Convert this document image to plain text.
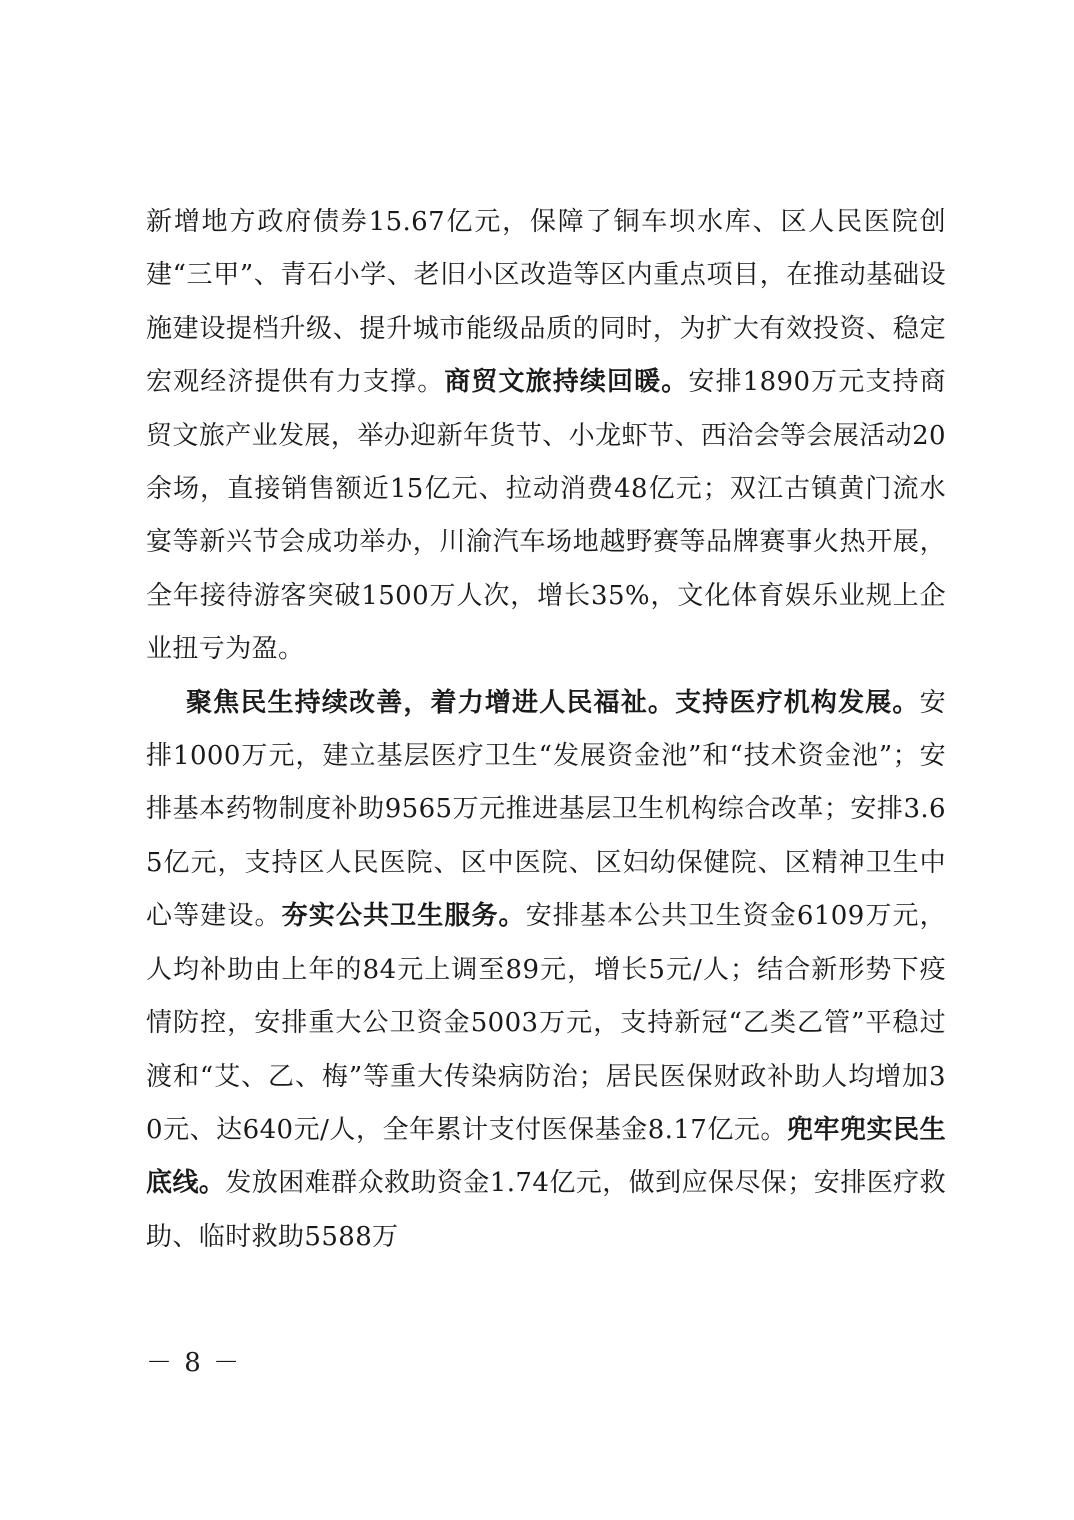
新增地方政府债券15.67亿元，保障了铜车坝水库、区人民医院创建“三甲”、青石小学、老旧小区改造等区内重点项目，在推动基础设施建设提档升级、提升城市能级品质的同时，为扩大有效投资、稳定宏观经济提供有力支撑。商贸文旅持续回暖。安排1890万元支持商贸文旅产业发展，举办迎新年货节、小龙虾节、西洽会等会展活动20余场，直接销售额近15亿元、拉动消费48亿元；双江古镇黄门流水宴等新兴节会成功举办，川渝汽车场地越野赛等品牌赛事火热开展，全年接待游客突破1500万人次，增长35%，文化体育娱乐业规上企业扭亏为盈。

聚焦民生持续改善，着力增进人民福祉。支持医疗机构发展。安排1000万元，建立基层医疗卫生“发展资金池”和“技术资金池”；安排基本药物制度补助9565万元推进基层卫生机构综合改革；安排3.65亿元，支持区人民医院、区中医院、区妇幼保健院、区精神卫生中心等建设。夯实公共卫生服务。安排基本公共卫生资金6109万元，人均补助由上年的84元上调至89元，增长5元/人；结合新形势下疫情防控，安排重大公卫资金5003万元，支持新冠“乙类乙管”平稳过渡和“艾、乙、梅”等重大传染病防治；居民医保财政补助人均增加30元、达640元/人，全年累计支付医保基金8.17亿元。兜牢兜实民生底线。发放困难群众救助资金1.74亿元，做到应保尽保；安排医疗救助、临时救助5588万

－ 8 －
